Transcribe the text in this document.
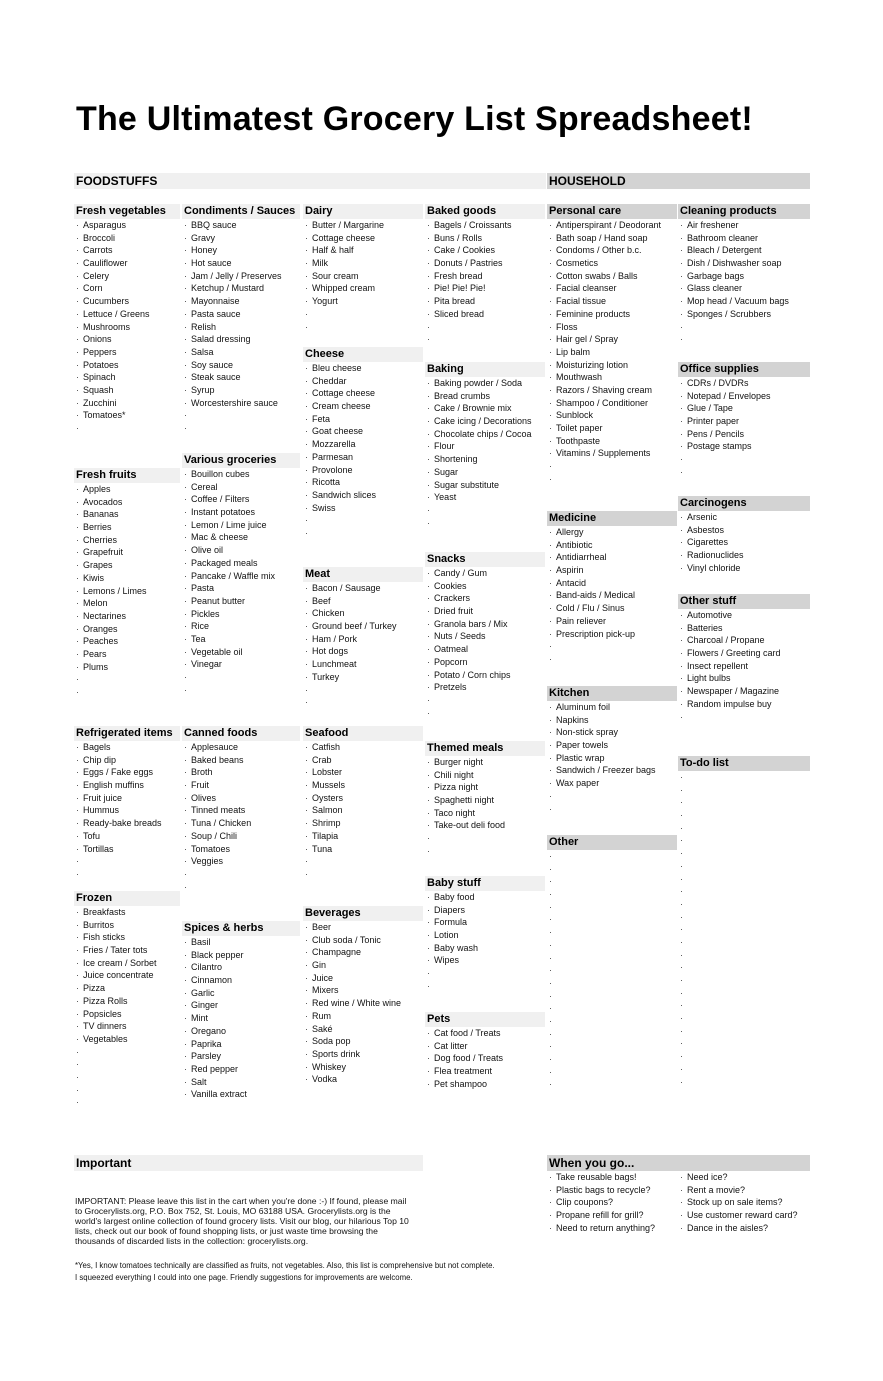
The Ultimatest Grocery List Spreadsheet!
FOODSTUFFS	HOUSEHOLD
Fresh vegetables
· Asparagus
· Broccoli
· Carrots
· Cauliflower
· Celery
· Corn
· Cucumbers
· Lettuce / Greens
· Mushrooms
· Onions
· Peppers
· Potatoes
· Spinach
· Squash
· Zucchini
· Tomatoes*
·
Fresh fruits
· Apples
· Avocados
· Bananas
· Berries
· Cherries
· Grapefruit
· Grapes
· Kiwis
· Lemons / Limes
· Melon
· Nectarines
· Oranges
· Peaches
· Pears
· Plums
·
·
Refrigerated items
· Bagels
· Chip dip
· Eggs / Fake eggs
· English muffins
· Fruit juice
· Hummus
· Ready-bake breads
· Tofu
· Tortillas
·
·
Frozen
· Breakfasts
· Burritos
· Fish sticks
· Fries / Tater tots
· Ice cream / Sorbet
· Juice concentrate
· Pizza
· Pizza Rolls
· Popsicles
· TV dinners
· Vegetables
·
·
·
·
·
Condiments / Sauces
· BBQ sauce
· Gravy
· Honey
· Hot sauce
· Jam / Jelly / Preserves
· Ketchup / Mustard
· Mayonnaise
· Pasta sauce
· Relish
· Salad dressing
· Salsa
· Soy sauce
· Steak sauce
· Syrup
· Worcestershire sauce
·
·
Various groceries
· Bouillon cubes
· Cereal
· Coffee / Filters
· Instant potatoes
· Lemon / Lime juice
· Mac & cheese
· Olive oil
· Packaged meals
· Pancake / Waffle mix
· Pasta
· Peanut butter
· Pickles
· Rice
· Tea
· Vegetable oil
· Vinegar
·
·
Canned foods
· Applesauce
· Baked beans
· Broth
· Fruit
· Olives
· Tinned meats
· Tuna / Chicken
· Soup / Chili
· Tomatoes
· Veggies
·
·
Spices & herbs
· Basil
· Black pepper
· Cilantro
· Cinnamon
· Garlic
· Ginger
· Mint
· Oregano
· Paprika
· Parsley
· Red pepper
· Salt
· Vanilla extract
Dairy
· Butter / Margarine
· Cottage cheese
· Half & half
· Milk
· Sour cream
· Whipped cream
· Yogurt
·
·
Cheese
· Bleu cheese
· Cheddar
· Cottage cheese
· Cream cheese
· Feta
· Goat cheese
· Mozzarella
· Parmesan
· Provolone
· Ricotta
· Sandwich slices
· Swiss
·
·
Meat
· Bacon / Sausage
· Beef
· Chicken
· Ground beef / Turkey
· Ham / Pork
· Hot dogs
· Lunchmeat
· Turkey
·
·
Seafood
· Catfish
· Crab
· Lobster
· Mussels
· Oysters
· Salmon
· Shrimp
· Tilapia
· Tuna
·
·
Beverages
· Beer
· Club soda / Tonic
· Champagne
· Gin
· Juice
· Mixers
· Red wine / White wine
· Rum
· Saké
· Soda pop
· Sports drink
· Whiskey
· Vodka
Baked goods
· Bagels / Croissants
· Buns / Rolls
· Cake / Cookies
· Donuts / Pastries
· Fresh bread
· Pie! Pie! Pie!
· Pita bread
· Sliced bread
·
·
Baking
· Baking powder / Soda
· Bread crumbs
· Cake / Brownie mix
· Cake icing / Decorations
· Chocolate chips / Cocoa
· Flour
· Shortening
· Sugar
· Sugar substitute
· Yeast
·
·
Snacks
· Candy / Gum
· Cookies
· Crackers
· Dried fruit
· Granola bars / Mix
· Nuts / Seeds
· Oatmeal
· Popcorn
· Potato / Corn chips
· Pretzels
·
·
Themed meals
· Burger night
· Chili night
· Pizza night
· Spaghetti night
· Taco night
· Take-out deli food
·
·
Baby stuff
· Baby food
· Diapers
· Formula
· Lotion
· Baby wash
· Wipes
·
·
Pets
· Cat food / Treats
· Cat litter
· Dog food / Treats
· Flea treatment
· Pet shampoo
Personal care
· Antiperspirant / Deodorant
· Bath soap / Hand soap
· Condoms / Other b.c.
· Cosmetics
· Cotton swabs / Balls
· Facial cleanser
· Facial tissue
· Feminine products
· Floss
· Hair gel / Spray
· Lip balm
· Moisturizing lotion
· Mouthwash
· Razors / Shaving cream
· Shampoo / Conditioner
· Sunblock
· Toilet paper
· Toothpaste
· Vitamins / Supplements
·
·
Medicine
· Allergy
· Antibiotic
· Antidiarrheal
· Aspirin
· Antacid
· Band-aids / Medical
· Cold / Flu / Sinus
· Pain reliever
· Prescription pick-up
·
·
Kitchen
· Aluminum foil
· Napkins
· Non-stick spray
· Paper towels
· Plastic wrap
· Sandwich / Freezer bags
· Wax paper
·
·
Other
·
·
·
·
·
·
·
·
·
·
·
·
·
·
·
·
·
·
·
Cleaning products
· Air freshener
· Bathroom cleaner
· Bleach / Detergent
· Dish / Dishwasher soap
· Garbage bags
· Glass cleaner
· Mop head / Vacuum bags
· Sponges / Scrubbers
·
·
Office supplies
· CDRs / DVDRs
· Notepad / Envelopes
· Glue / Tape
· Printer paper
· Pens / Pencils
· Postage stamps
·
·
Carcinogens
· Arsenic
· Asbestos
· Cigarettes
· Radionuclides
· Vinyl chloride
Other stuff
· Automotive
· Batteries
· Charcoal / Propane
· Flowers / Greeting card
· Insect repellent
· Light bulbs
· Newspaper / Magazine
· Random impulse buy
·
To-do list
·
·
·
·
·
·
·
·
·
·
·
·
·
·
·
·
·
·
·
·
·
·
·
·
·
Important
IMPORTANT: Please leave this list in the cart when you're done :-) If found, please mail to Grocerylists.org, P.O. Box 752, St. Louis, MO 63188 USA. Grocerylists.org is the world's largest online collection of found grocery lists. Visit our blog, our hilarious Top 10 lists, check out our book of found shopping lists, or just waste time browsing the thousands of discarded lists in the collection: grocerylists.org.
When you go...
· Take reusable bags!
· Plastic bags to recycle?
· Clip coupons?
· Propane refill for grill?
· Need to return anything?
· Need ice?
· Rent a movie?
· Stock up on sale items?
· Use customer reward card?
· Dance in the aisles?
*Yes, I know tomatoes technically are classified as fruits, not vegetables. Also, this list is comprehensive but not complete.
I squeezed everything I could into one page. Friendly suggestions for improvements are welcome.
